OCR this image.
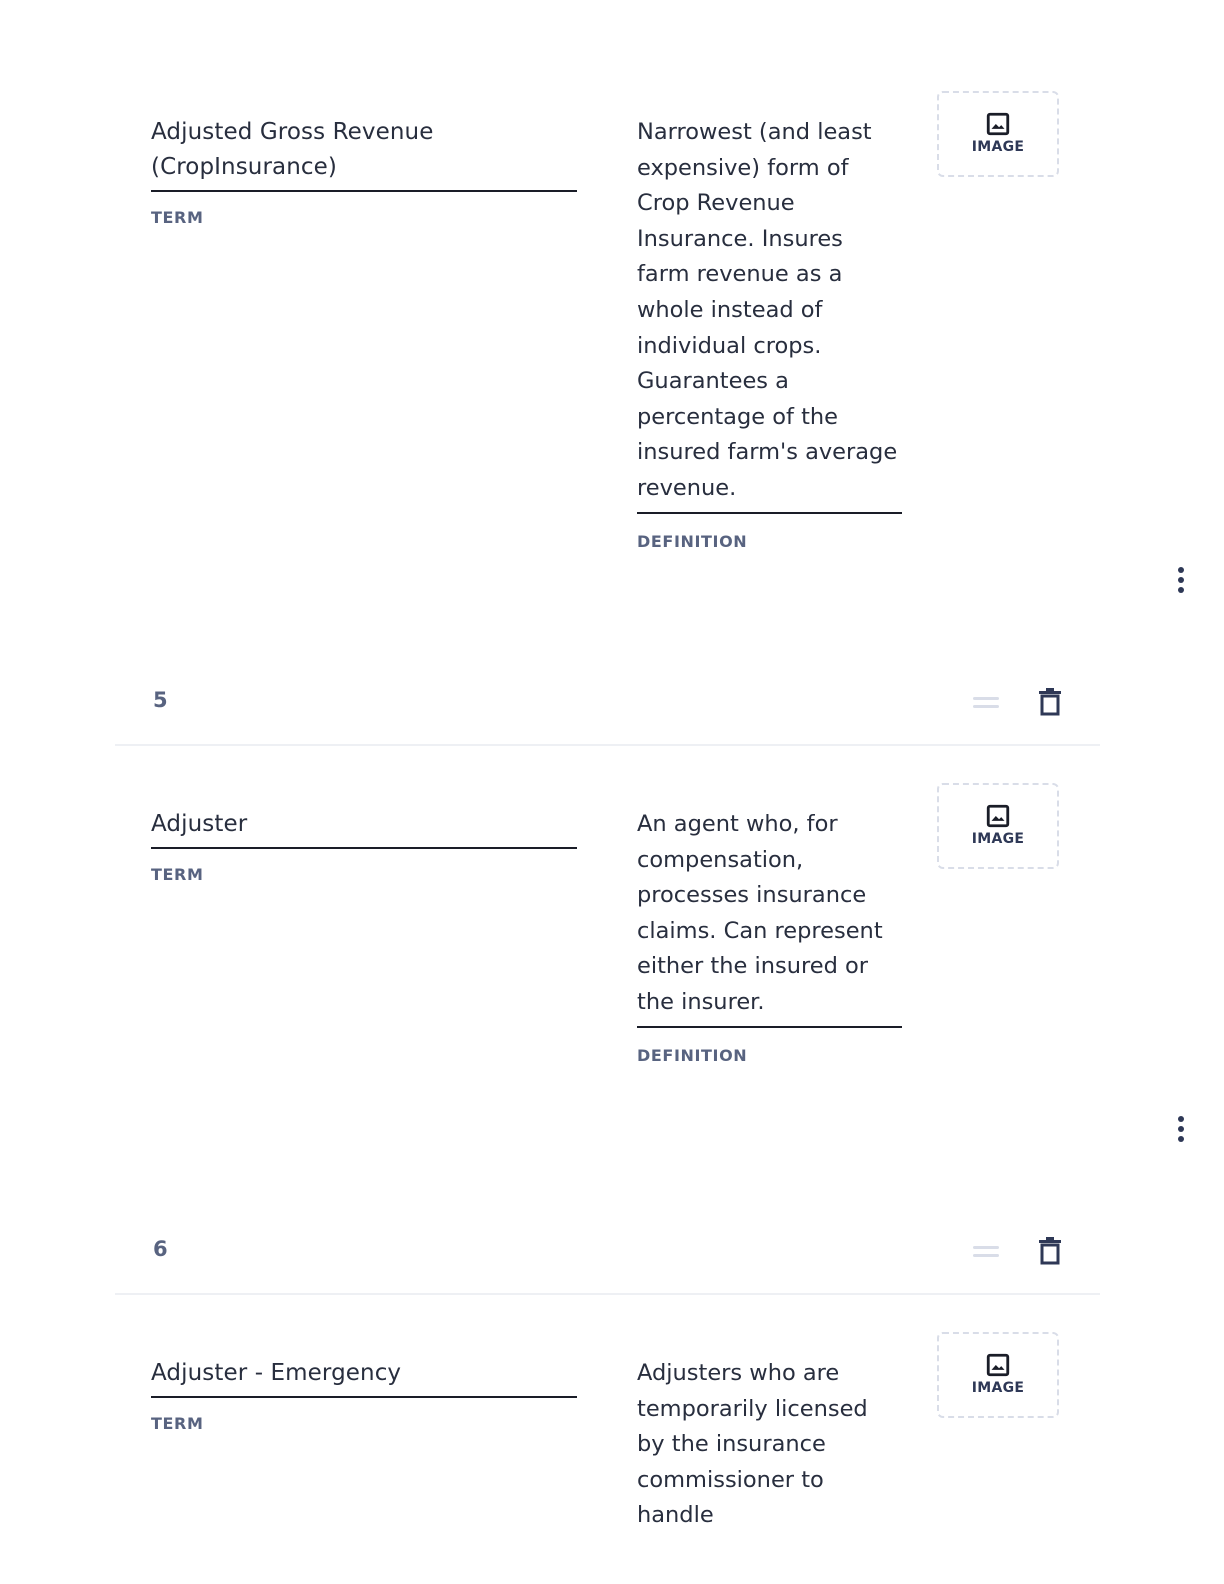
Adjusted Gross Revenue (CropInsurance)
TERM
Narrowest (and least expensive) form of Crop Revenue Insurance. Insures farm revenue as a whole instead of individual crops. Guarantees a percentage of the insured farm's average revenue.
DEFINITION
IMAGE
5
Adjuster
TERM
An agent who, for compensation, processes insurance claims. Can represent either the insured or the insurer.
DEFINITION
IMAGE
6
Adjuster - Emergency
TERM
Adjusters who are temporarily licensed by the insurance commissioner to handle
IMAGE
